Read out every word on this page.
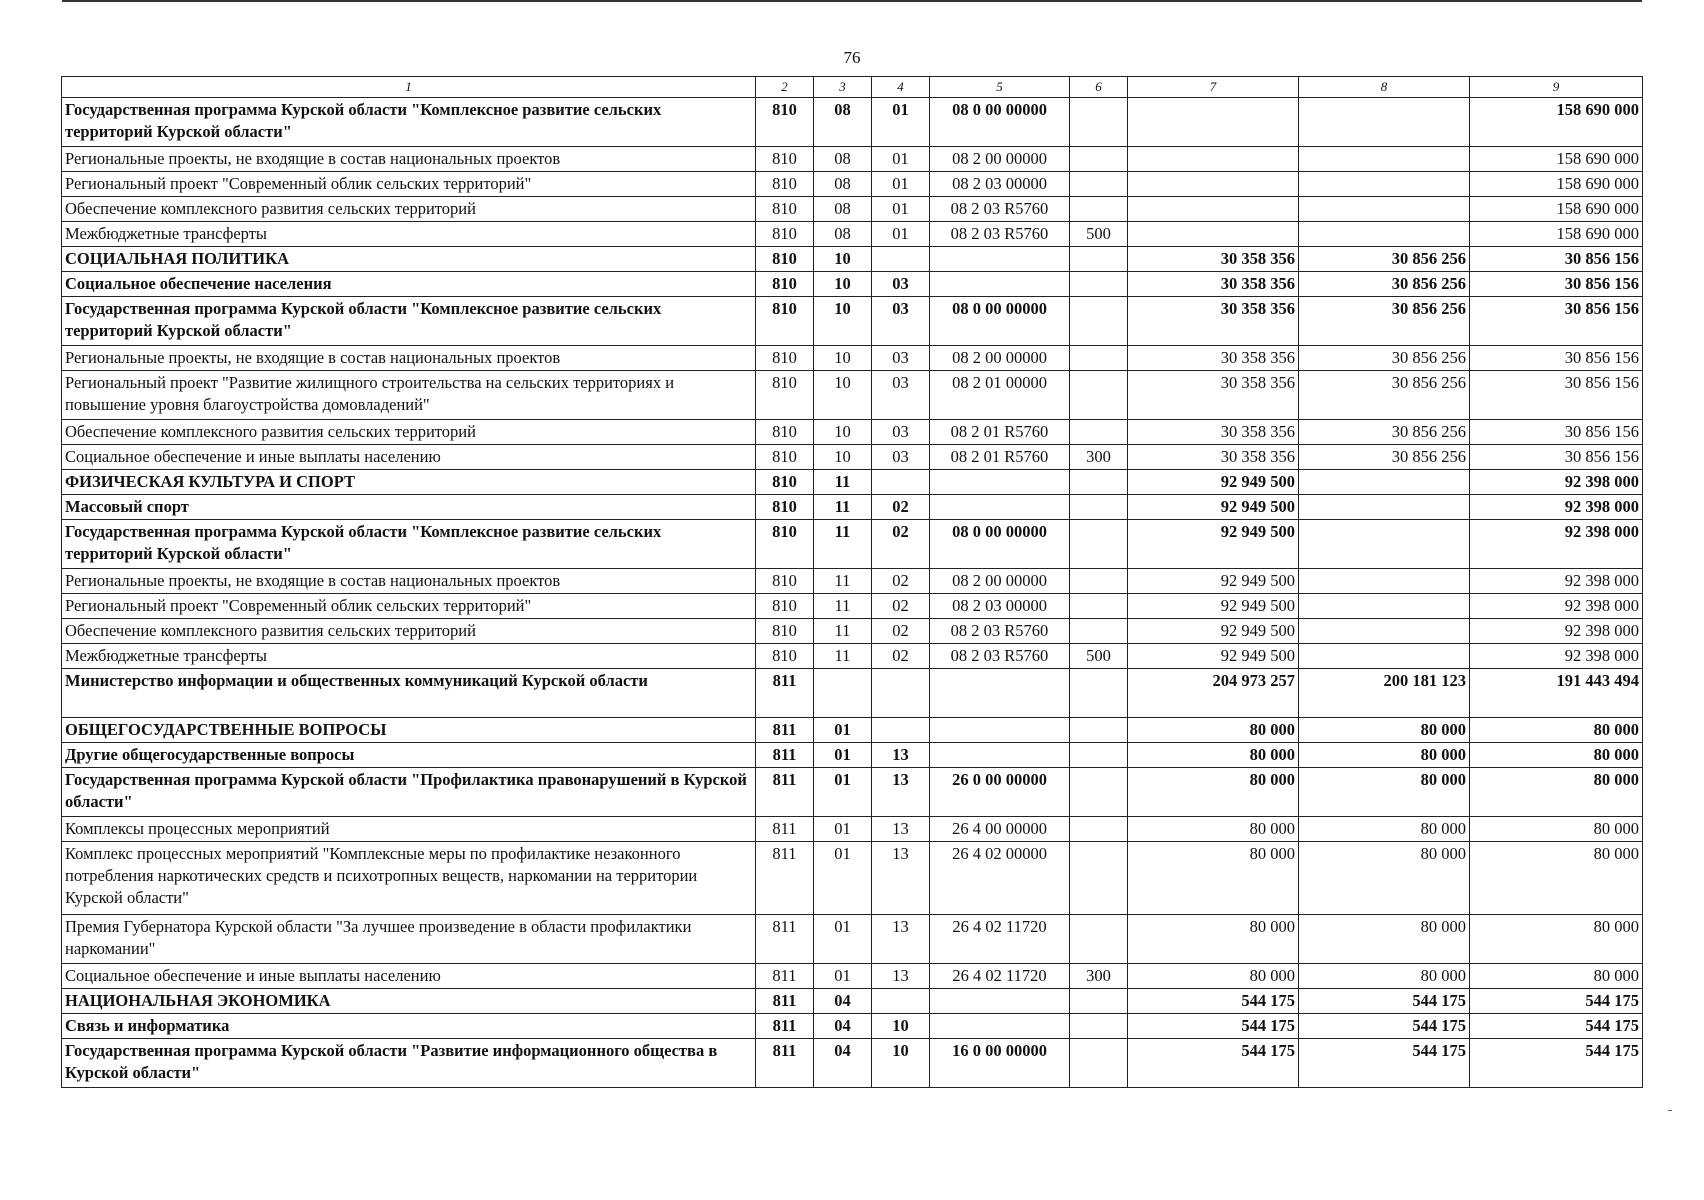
76
1	2	3	4	5	6	7	8	9
Государственная программа Курской области "Комплексное развитие сельских территорий Курской области"	810	08	01	08 0 00 00000				158 690 000
Региональные проекты, не входящие в состав национальных проектов	810	08	01	08 2 00 00000				158 690 000
Региональный проект "Современный облик сельских территорий"	810	08	01	08 2 03 00000				158 690 000
Обеспечение комплексного развития сельских территорий	810	08	01	08 2 03 R5760				158 690 000
Межбюджетные трансферты	810	08	01	08 2 03 R5760	500			158 690 000
СОЦИАЛЬНАЯ ПОЛИТИКА	810	10				30 358 356	30 856 256	30 856 156
Социальное обеспечение населения	810	10	03			30 358 356	30 856 256	30 856 156
Государственная программа Курской области "Комплексное развитие сельских территорий Курской области"	810	10	03	08 0 00 00000		30 358 356	30 856 256	30 856 156
Региональные проекты, не входящие в состав национальных проектов	810	10	03	08 2 00 00000		30 358 356	30 856 256	30 856 156
Региональный проект "Развитие жилищного строительства на сельских территориях и повышение уровня благоустройства домовладений"	810	10	03	08 2 01 00000		30 358 356	30 856 256	30 856 156
Обеспечение комплексного развития сельских территорий	810	10	03	08 2 01 R5760		30 358 356	30 856 256	30 856 156
Социальное обеспечение и иные выплаты населению	810	10	03	08 2 01 R5760	300	30 358 356	30 856 256	30 856 156
ФИЗИЧЕСКАЯ КУЛЬТУРА И СПОРТ	810	11				92 949 500		92 398 000
Массовый спорт	810	11	02			92 949 500		92 398 000
Государственная программа Курской области "Комплексное развитие сельских территорий Курской области"	810	11	02	08 0 00 00000		92 949 500		92 398 000
Региональные проекты, не входящие в состав национальных проектов	810	11	02	08 2 00 00000		92 949 500		92 398 000
Региональный проект "Современный облик сельских территорий"	810	11	02	08 2 03 00000		92 949 500		92 398 000
Обеспечение комплексного развития сельских территорий	810	11	02	08 2 03 R5760		92 949 500		92 398 000
Межбюджетные трансферты	810	11	02	08 2 03 R5760	500	92 949 500		92 398 000
Министерство информации и общественных коммуникаций Курской области	811					204 973 257	200 181 123	191 443 494
ОБЩЕГОСУДАРСТВЕННЫЕ ВОПРОСЫ	811	01				80 000	80 000	80 000
Другие общегосударственные вопросы	811	01	13			80 000	80 000	80 000
Государственная программа Курской области "Профилактика правонарушений в Курской области"	811	01	13	26 0 00 00000		80 000	80 000	80 000
Комплексы процессных мероприятий	811	01	13	26 4 00 00000		80 000	80 000	80 000
Комплекс процессных мероприятий "Комплексные меры по профилактике незаконного потребления наркотических средств и психотропных веществ, наркомании на территории Курской области"	811	01	13	26 4 02 00000		80 000	80 000	80 000
Премия Губернатора Курской области "За лучшее произведение в области профилактики наркомании"	811	01	13	26 4 02 11720		80 000	80 000	80 000
Социальное обеспечение и иные выплаты населению	811	01	13	26 4 02 11720	300	80 000	80 000	80 000
НАЦИОНАЛЬНАЯ ЭКОНОМИКА	811	04				544 175	544 175	544 175
Связь и информатика	811	04	10			544 175	544 175	544 175
Государственная программа Курской области "Развитие информационного общества в Курской области"	811	04	10	16 0 00 00000		544 175	544 175	544 175
